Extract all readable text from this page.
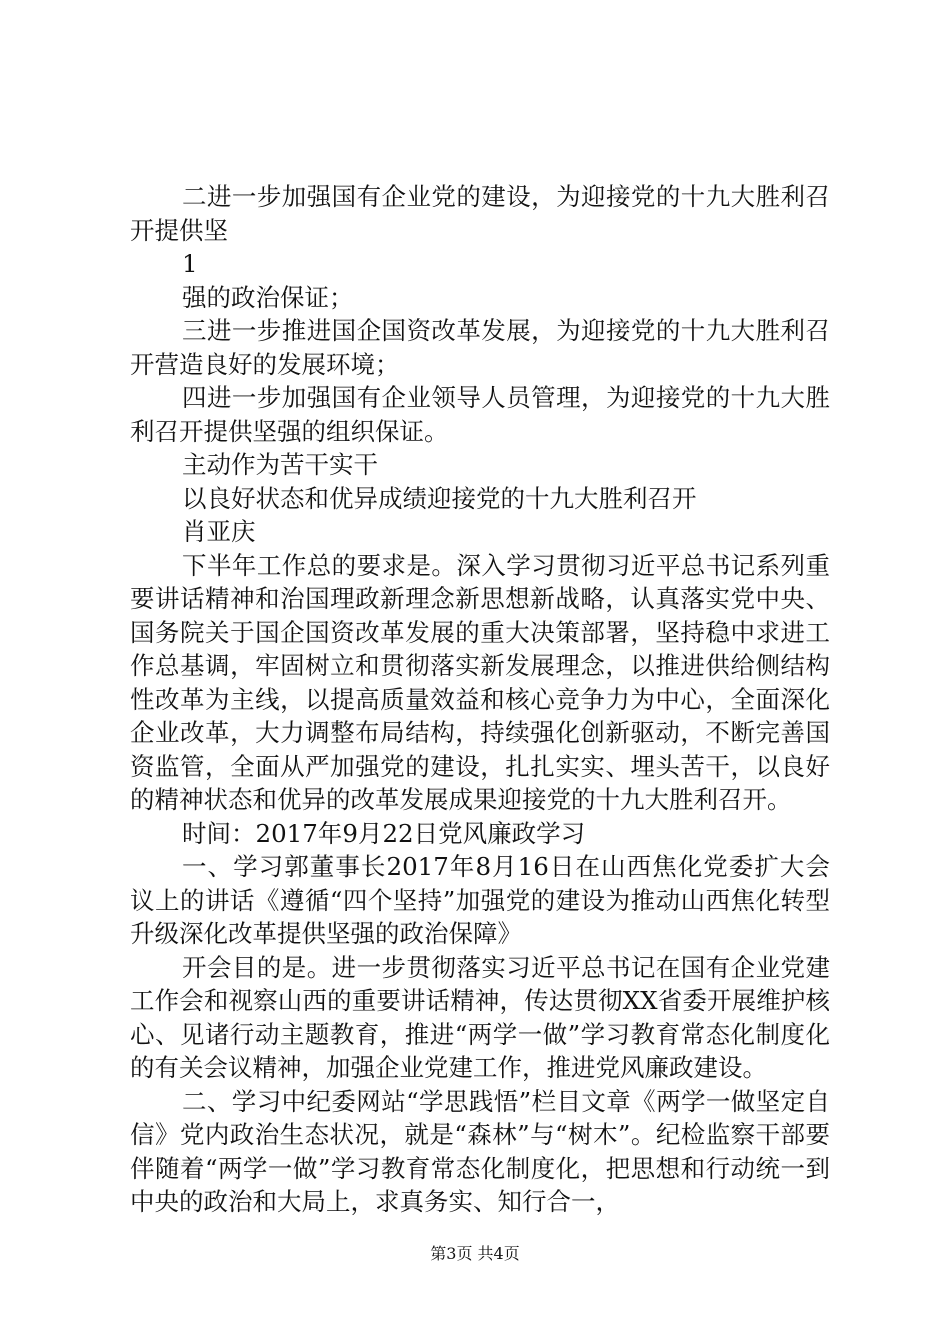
二进一步加强国有企业党的建设，为迎接党的十九大胜利召开提供坚

1

强的政治保证；

三进一步推进国企国资改革发展，为迎接党的十九大胜利召开营造良好的发展环境；

四进一步加强国有企业领导人员管理，为迎接党的十九大胜利召开提供坚强的组织保证。

主动作为苦干实干

以良好状态和优异成绩迎接党的十九大胜利召开

肖亚庆

下半年工作总的要求是。深入学习贯彻习近平总书记系列重要讲话精神和治国理政新理念新思想新战略，认真落实党中央、国务院关于国企国资改革发展的重大决策部署，坚持稳中求进工作总基调，牢固树立和贯彻落实新发展理念，以推进供给侧结构性改革为主线，以提高质量效益和核心竞争力为中心，全面深化企业改革，大力调整布局结构，持续强化创新驱动，不断完善国资监管，全面从严加强党的建设，扎扎实实、埋头苦干，以良好的精神状态和优异的改革发展成果迎接党的十九大胜利召开。

时间：2017年9月22日党风廉政学习

一、学习郭董事长2017年8月16日在山西焦化党委扩大会议上的讲话《遵循“四个坚持”加强党的建设为推动山西焦化转型升级深化改革提供坚强的政治保障》

开会目的是。进一步贯彻落实习近平总书记在国有企业党建工作会和视察山西的重要讲话精神，传达贯彻XX省委开展维护核心、见诸行动主题教育，推进“两学一做”学习教育常态化制度化的有关会议精神，加强企业党建工作，推进党风廉政建设。

二、学习中纪委网站“学思践悟”栏目文章《两学一做坚定自信》党内政治生态状况，就是“森林”与“树木”。纪检监察干部要伴随着“两学一做”学习教育常态化制度化，把思想和行动统一到中央的政治和大局上，求真务实、知行合一，

第3页 共4页
